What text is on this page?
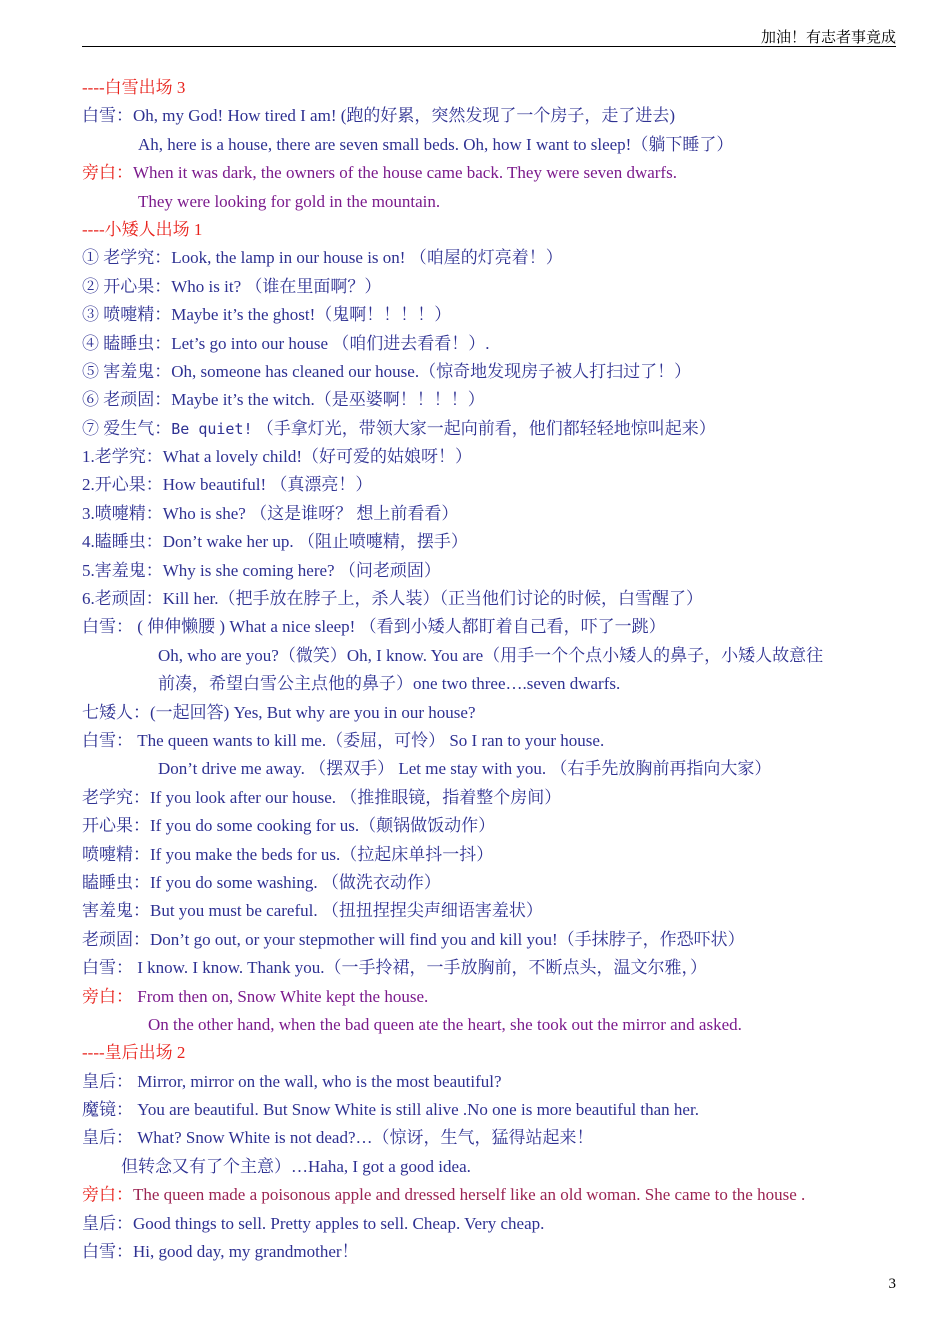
加油！有志者事竟成
----白雪出场 3
白雪：Oh, my God! How tired I am! (跑的好累，突然发现了一个房子，走了进去)
Ah, here is a house, there are seven small beds. Oh, how I want to sleep!（躺下睡了）
旁白：When it was dark, the owners of the house came back. They were seven dwarfs.
They were looking for gold in the mountain.
----小矮人出场 1
① 老学究：Look, the lamp in our house is on! （咱屋的灯亮着！）
② 开心果：Who is it? （谁在里面啊？）
③ 喷嚏精：Maybe it’s the ghost!（鬼啊！！！！）
④ 瞌睡虫：Let’s go into our house （咱们进去看看！）.
⑤ 害羞鬼：Oh, someone has cleaned our house.（惊奇地发现房子被人打扫过了！）
⑥ 老顽固：Maybe it’s the witch.（是巫婆啊！！！！）
⑦ 爱生气：Be quiet! （手拿灯光，带领大家一起向前看，他们都轻轻地惊叫起来）
1.老学究：What a lovely child!（好可爱的姑娘呀！）
2.开心果：How beautiful! （真漂亮！）
3.喷嚏精：Who is she? （这是谁呀？ 想上前看看）
4.瞌睡虫：Don’t wake her up. （阻止喷嚏精，摆手）
5.害羞鬼：Why is she coming here? （问老顽固）
6.老顽固：Kill her.（把手放在脖子上，杀人装）（正当他们讨论的时候，白雪醒了）
白雪： ( 伸伸懒腰 ) What a nice sleep! （看到小矮人都盯着自己看，吓了一跳）
Oh, who are you?（微笑）Oh, I know. You are（用手一个个点小矮人的鼻子，小矮人故意往
前凑，希望白雪公主点他的鼻子）one two three….seven dwarfs.
七矮人：(一起回答) Yes, But why are you in our house?
白雪： The queen wants to kill me.（委屈，可怜） So I ran to your house.
Don’t drive me away. （摆双手） Let me stay with you. （右手先放胸前再指向大家）
老学究：If you look after our house. （推推眼镜，指着整个房间）
开心果：If you do some cooking for us.（颠锅做饭动作）
喷嚏精：If you make the beds for us.（拉起床单抖一抖）
瞌睡虫：If you do some washing. （做洗衣动作）
害羞鬼：But you must be careful. （扭扭捏捏尖声细语害羞状）
老顽固：Don’t go out, or your stepmother will find you and kill you!（手抹脖子，作恐吓状）
白雪： I know. I know. Thank you.（一手拎裙，一手放胸前，不断点头，温文尔雅，）
旁白： From then on, Snow White kept the house.
On the other hand, when the bad queen ate the heart, she took out the mirror and asked.
----皇后出场 2
皇后： Mirror, mirror on the wall, who is the most beautiful?
魔镜： You are beautiful. But Snow White is still alive .No one is more beautiful than her.
皇后： What? Snow White is not dead?…（惊讶，生气，猛得站起来！
但转念又有了个主意）…Haha, I got a good idea.
旁白：The queen made a poisonous apple and dressed herself like an old woman. She came to the house .
皇后：Good things to sell. Pretty apples to sell. Cheap. Very cheap.
白雪：Hi, good day, my grandmother！
3
